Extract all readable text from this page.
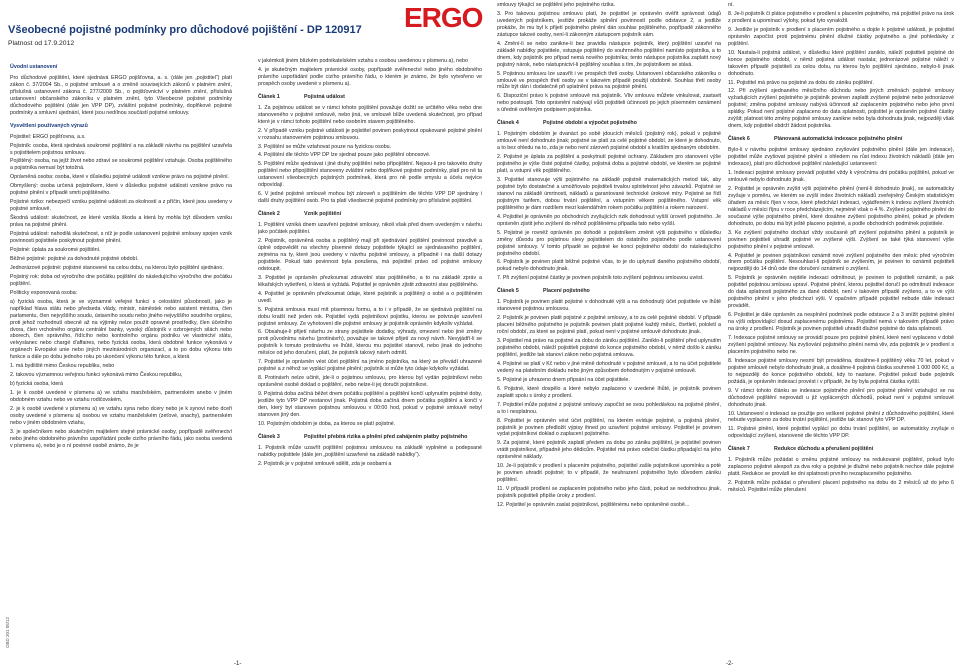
Všeobecné pojistné podmínky pro důchodové pojištění - DP 120917
Platnost od 17.9.2012
ERGO
OBD 201 05/12
Úvodní ustanovení
Pro důchodové pojištění, které sjednává ERGO pojišťovna, a. s. (dále jen „pojistitel“) platí zákon č. 37/2004 Sb., o pojistné smlouvě a o změně souvisejících zákonů v platném znění, příslušná ustanovení zákona č. 277/2009 Sb., o pojišťovnictví v platném znění, příslušná ustanovení občanského zákoníku v platném znění, tyto Všeobecné pojistné podmínky důchodového pojištění (dále jen VPP DP), zvláštní pojistné podmínky, doplňkové pojistné podmínky a smluvní ujednání, které jsou nedílnou součástí pojistné smlouvy.
Vysvětlení používaných výrazů
Pojistitel: ERGO pojišťovna, a.s.
Pojistník: osoba, která sjednává soukromé pojištění a na základě návrhu na pojištění uzavřela s pojistitelem pojistnou smlouvu.
Pojištěný: osoba, na jejíž život nebo zdraví se soukromé pojištění vztahuje. Osoba pojištěného a pojistníka nemusí být totožná.
Oprávněná osoba: osoba, které v důsledku pojistné události vznikne právo na pojistné plnění.
Obmyšlený: osoba určená pojistníkem, které v důsledku pojistné události vznikne právo na pojistné plnění v případě smrti pojištěného.
Pojistné riziko: nebezpečí vzniku pojistné události za okolností a z příčin, které jsou uvedeny v pojistné smlouvě.
Škodná událost: skutečnost, ze které vznikla škoda a která by mohla být důvodem vzniku práva na pojistné plnění.
Pojistná událost: nahodilá skutečnost, s níž je podle ustanovení pojistné smlouvy spojen vznik povinnosti pojistitele poskytnout pojistné plnění.
Pojistné: úplata za soukromé pojištění.
Běžné pojistné: pojistné za dohodnuté pojistné období.
Jednorázové pojistné: pojistné stanovené na celou dobu, na kterou bylo pojištění sjednáno.
Pojistný rok: doba od výročního dne počátku pojištění do následujícího výročního dne počátku pojištění.
Politicky exponovaná osoba:
a) fyzická osoba, která je ve významné veřejné funkci s celostátní působností, jako je například hlava státu nebo předseda vlády, ministr, náměstek nebo asistent ministra, člen parlamentu, člen nejvyššího soudu, ústavního soudu nebo jiného nejvyššího soudního orgánu, proti jehož rozhodnutí obecně až na výjimky nelze použít opravné prostředky, člen účetního dvora, člen vrcholného orgánu centrální banky, vysoký důstojník v ozbrojených silách nebo sborech, člen správního, řídícího nebo kontrolního orgánu podniku ve vlastnictví státu, velvyslanec nebo chargé d'affaires, nebo fyzická osoba, která obdobné funkce vykonává v orgánech Evropské unie nebo jiných mezinárodních organizací, a to po dobu výkonu této funkce a dále po dobu jednoho roku po ukončení výkonu této funkce, a která
1. má bydliště mimo Českou republiku, nebo
2. takovou významnou veřejnou funkci vykonává mimo Českou republiku,
b) fyzická osoba, která
1. je k osobě uvedené v písmenu a) ve vztahu manželském, partnerském anebo v jiném obdobném vztahu nebo ve vztahu rodičovském,
2. je k osobě uvedené v písmenu a) ve vztahu syna nebo dcery nebo je k synovi nebo dceři osoby uvedené v písmenu a) osobou ve vztahu manželském (zeťové, snachy), partnerském nebo v jiném obdobném vztahu,
3. je společníkem nebo skutečným majitelem stejné právnické osoby, popřípadě svěřenectví nebo jiného obdobného právního uspořádání podle cizího právního řádu, jako osoba uvedená v písmenu a), nebo je o ní povinné osobě známo, že je
v jakémkoli jiném blízkém podnikatelském vztahu s osobou uvedenou v písmenu a), nebo
4. je skutečným majitelem právnické osoby, popřípadě svěřenectví nebo jiného obdobného právního uspořádání podle cizího právního řádu, o kterém je známo, že bylo vytvořeno ve prospěch osoby uvedené v písmenu a).
Článek 1	Pojistná událost
1. Za pojistnou událost se v rámci tohoto pojištění považuje dožití se určitého věku nebo dne stanoveného v pojistné smlouvě, nebo jiná, ve smlouvě blíže uvedená skutečnost, pro případ které je v rámci tohoto pojištění nebo osobním stavem pojištěného.
2. V případě vzniku pojistné události je pojistitel povinen poskytnout opakované pojistné plnění v rozsahu stanoveném pojistnou smlouvou.
3. Pojištění se může vztahovat pouze na fyzickou osobu.
4. Pojištění dle těchto VPP DP lze sjednat pouze jako pojištění obnosové.
5. Pojištění může sjednávat i jiné druhy pojištění nebo připojištění. Nejsou-li pro takovéto druhy pojištění nebo připojištění stanoveny zvláštní nebo doplňkové pojistné podmínky, platí pro ně ta ustanovení všeobecných pojistných podmínek, která pro ně podle smyslu a účelu nejvíce odpovídají.
6. V jedné pojistné smlouvě mohou být zároveň s pojištěním dle těchto VPP DP sjednány i další druhy pojištění osob. Pro ta platí všeobecné pojistné podmínky pro příslušné pojištění.
Článek 2	Vznik pojištění
1. Pojištění vzniká dnem uzavření pojistné smlouvy, nikoli však před dnem uvedeným v návrhu jako počátek pojištění.
2. Pojistník, oprávněná osoba a pojištěný mají při sjednávání pojištění povinnost pravdivě a úplně odpovědět na všechny písemné dotazy pojistitele týkající se sjednávaného pojištění, zejména na ty, které jsou uvedeny v návrhu pojistné smlouvy, a případně i na další dotazy pojistitele. Pokud tato povinnost byla porušena, má pojistitel právo od pojistné smlouvy odstoupit.
3. Pojistitel je oprávněn přezkoumat zdravotní stav pojištěného, a to na základě zpráv a lékařských vyšetření, o která si vyžádá. Pojistitel je oprávněn zjistit zdravotní stav pojištěného.
4. Pojistitel je oprávněn přezkoumat údaje, které pojistník a pojištěný o sobě a o pojištěném uvedl.
5. Pojistná smlouva musí mít písemnou formu, a to i v případě, že se sjednává pojištění na dobu kratší než jeden rok. Pojistitel vydá pojistníkovi pojistku, kterou se potvrzuje uzavření pojistné smlouvy. Ze vyhotovení dle pojistné smlouvy je pojistník oprávněn kdykoliv vyžádat.
6. Obsahuje-li přijetí návrhu ze strany pojistitele dodatky, výhrady, omezení nebo jiné změny proti původnímu návrhu (protinávrh), považuje se takové přijetí za nový návrh. Nevyjádří-li se pojistník k tomuto protinávrhu ve lhůtě, kterou mu pojistitel stanovil, nebo jinak do jednoho měsíce od jeho doručení, platí, že pojistník takový návrh odmítl.
7. Pojistitel je oprávněn vést účet pojištění na jméno pojistníka, na který se převádí uhrazené pojistné a z něhož se vyplácí pojistné plnění; pojistník si může tyto údaje kdykoliv vyžádat.
8. Protinávrh nelze učinit, jde-li o pojistnou smlouvu, pro kterou byl vydán pojistníkovi nebo oprávněné osobě doklad o pojištění, nebo nelze-li jej doručit pojistníkovi.
9. Pojistná doba začíná běžet dnem počátku pojištění a pojištění končí uplynutím pojistné doby, jestliže tyto VPP DP nestanoví jinak. Pojistná doba začíná dnem počátku pojištění a končí v den, který byl stanoven pojistnou smlouvou v 00:00 hod, pokud v pojistné smlouvě nebyl stanoven jiný den.
10. Pojistným obdobím je doba, za kterou se platí pojistné.
Článek 3	Pojistitel přebírá rizika a plnění před zahájením platby pojistného
1. Pojistník může uzavřít pojištění pojistnou smlouvou na základě vyplněné a podepsané nabídky pojistitele (dále jen „pojištění uzavřené na základě nabídky“).
2. Pojistník je v pojistné smlouvě sdělit, zda je osobami a
smlouvy týkající se pojištění jeho pojistného rizika.
3. Pro takovou pojistnou smlouvu platí, že pojistitel je oprávněn ověřit správnost údajů uvedených pojistníkem, jestliže prokáže splnění povinností podle odstavce 2, a jestliže prokáže, že mu byl k přijetí pojistného plnění dán souhlas pojištěného, popřípadě zákonného zástupce takové osoby, není-li zákonným zástupcem pojistník sám.
4. Změní-li se nebo zanikne-li bez pravidla nástupce pojistník, který pojištění uzavřel na základě nabídky pojistitele, vstupuje pojištěný do souhrnného pojištění namísto pojistníka, a to dnem, kdy pojistník pro případ nemá nového pojistníka; tento nástupce pojistníka zaplatit nový pojistný nárok, nebo nástupnictví-li pojištěný souhlas s tím, že pojistníkem se stává.
5. Pojistnou smlouvu lze uzavřít i ve prospěch třetí osoby. Ustanovení občanského zákoníku o smlouvě ve prospěch třetí osoby se v takovém případě použijí obdobně. Souhlas třetí osoby může být dán i dodatečně při uplatnění práva na pojistné plnění.
6. Dispoziční právo k pojistné smlouvě má pojistník. Vliv smlouvu můžete vinkulovat, zastavit nebo postoupit. Toto oprávnění nabývají vůči pojistiteli účinnosti po jejich písemném oznámení s úředně ověřeným podpisem pojistníka.
Článek 4	Pojistné období a výpočet pojistného
1. Pojistným obdobím je dvanáct po sobě jdoucích měsíců (pojistný rok), pokud v pojistné smlouvě není dohodnuto jinak; pojistné se platí za celé pojistné období, ze které je dohodnuto, a to bez ohledu na to, zda je nebo není zároveň pojistné období s kratším sjednaným obdobím.
2. Pojistné je úplata za pojištění a poskytnutí pojistné ochrany. Základem pro stanovení výše pojistného je výše čisté pojistné částky, pojistná doba a pojistné období, ve kterém se pojistné platí, a vstupní věk pojištěného.
3. Pojistitel stanovuje výši pojistného na základě pojistně matematických metod tak, aby pojistné bylo dostatečné a umožňovalo pojistiteli trvalou splnitelnost jeho závazků. Pojistné se stanoví na základě úmrtnosti, nákladů a garantované technické úrokové míry. Pojistné se řídí pojistným tarifem, dobou trvání pojištění, a vstupním věkem pojištěného. Vstupní věk pojištěného je dám rozdílem mezi kalendářním rokem počátku pojištění a rokem narození.
4. Pojistitel je oprávněn po obchodních zvyšujících rizik dohodnout vyšší úroveň pojistného. Je oprávněn zjistit jeho zvýšení do něhož pojištěnému připadla tato nebo vyšší.
5. Pojistné je rovněž oprávněn po dohodě s pojistníkem změnit výši pojistného v důsledku změny důvodu pro pojistnou slevy pojistitelem do ostatního pojistného podle ustanovení pojistné smlouvy. V tomto případě se pojistné ke konci pojistného období do následujícího pojistného období.
6. Pojistník je povinen platit běžné pojistné včas, to je do uplynutí daného pojistného období, pokud nebylo dohodnuto jinak.
7. Při zvýšení pojistné částky je povinen pojistník toto zvýšení pojistnou smlouvou uvést.
Článek 5	Placení pojistného
1. Pojistník je povinen platit pojistné v dohodnuté výši a na dohodnutý účet pojistitele ve lhůtě stanovené pojistnou smlouvou.
2. Pojistník je povinen platit pojistné z pojistné smlouvy, a to za celé pojistné období. V případě placení běžného pojistného je pojistník povinen platit pojistné každý měsíc, čtvrtletí, pololetí a roční období, za které se pojistné platí, pokud není v pojistné smlouvě dohodnuto jinak.
3. Pojistitel má právo na pojistné za dobu do zániku pojištění. Zaniklo-li pojištění před uplynutím pojistného období, náleží pojistiteli pojistné do konce pojistného období, v němž došlo k zániku pojištění, jestliže tak stanoví zákon nebo pojistná smlouva.
4. Pojistné se platí v Kč nebo v jiné měně dohodnuté v pojistné smlouvě, a to na účet pojistitele vedený na platebním dokladu nebo jiným způsobem dohodnutým v pojistné smlouvě.
5. Pojistné je uhrazeno dnem připsání na účet pojistitele.
6. Pojistné, které dospělo a které nebylo zaplaceno v uvedené lhůtě, je pojistník povinen zaplatit spolu s úroky z prodlení.
7. Pojistitel může pojistné z pojistné smlouvy započíst se svou pohledávkou na pojistné plnění, a to i nesplatnou.
8. Pojistitel je oprávněn vést účet pojištění, na kterém eviduje pojistné, a pojistná plnění, pojistník je povinen předložit výpisy ihned po uzavření pojistné smlouvy. Pojistitel je povinen vydat pojistníkovi doklad o zaplacení pojistného.
9. Za pojistné, které pojistník zaplatil předem za dobu po zániku pojištění, je pojistitel povinen vrátit pojistníkovi, případně jeho dědicům. Pojistitel má právo odečíst částku připadající na jeho oprávněné náklady.
10. Je-li pojistník v prodlení s placením pojistného, pojistitel zašle pojistníkovi upomínku a poté je povinen uhradit pojistné; to v případě, že neuhrazení pojistného bylo důvodem zániku pojištění.
11. V případě prodlení se zaplacením pojistného nebo jeho části, pokud se nedohodnou jinak, pojistník pojistiteli připíše úroky z prodlení.
12. Pojistitel je oprávněn zaslat pojistníkovi, pojištěnému nebo oprávněné osobě...
ní.
8. Je-li pojistník či plátce pojistného v prodlení s placením pojistného, má pojistitel právo na úrok z prodlení a upomínací výlohy, pokud tyto vynaložil.
9. Jestliže je pojistník v prodlení s placením pojistného a dojde k pojistné události, je pojistitel oprávněn započíst proti pojistnému plnění dlužné částky pojistného a jiné pohledávky z pojištění.
10. Nastala-li pojistná událost, v důsledku které pojištění zaniklo, náleží pojistiteli pojistné do konce pojistného období, v němž pojistná událost nastala; jednorázové pojistné náleží v takovém případě pojistiteli za celou dobu, na kterou bylo pojištění sjednáno, nebylo-li jinak dohodnuto.
11. Pojistitel má právo na pojistné za dobu do zániku pojištění.
12. Při zvýšení sjednaného měsíčního důchodu nebo jiných změnách pojistné smlouvy vyžadujících zvýšení pojistného je pojistník povinen zaplatit zvýšené pojistné nebo jednorázové pojistné; změna pojistné smlouvy nabývá účinnosti až zaplacením pojistného nebo jeho první splátky. Pokud není pojistné zaplaceno do data splatnosti, pojistitel je oprávněn pojistné částky zvýšit; platnost této změny pojistné smlouvy zanikne nebo byla dohodnuta jinak, nejpozději však dnem, kdy pojistitel obdrží žádost pojistníka.
Článek 6	Plánovaná automatická indexace pojistného plnění
Bylo-li v návrhu pojistné smlouvy sjednáno zvyšování pojistného plnění (dále jen indexace), pojistitel může zvyšovat pojistné plnění s ohledem na růst indexu životních nákladů (dále jen indexace), platí pro důchodové pojištění následující ustanovení:
1. Indexaci pojistné smlouvy provádí pojistitel vždy k výročnímu dni počátku pojištění, pokud ve smlouvě nebylo dohodnuto jinak.
2. Pojistitel je oprávněn zvýšit výši pojistného plnění (není-li dohodnuto jinak), se automaticky zvyšuje v poměru, ve kterém se zvýší index životních nákladů zveřejněný Českým statistickým úřadem za měsíc říjen v roce, které předchází indexaci, vyjádřeném k indexu zvýšení životních nákladů v měsíci říjnu v roce předcházejícím, nejméně však o 4 %. Zvýšení pojistného plnění do současné výše pojistného plnění, které dosáhne zvýšení pojistného plnění, pokud je předem dohodnuto, po dobu má být ještě placeno pojistné, a podle obchodních podmínek pojistitele.
3. Ke zvýšení pojistného dochází vždy současně při zvýšení pojistného plnění a pojistník je povinen pojistiteli uhradit pojistné ve zvýšené výši. Zvýšení se také týká stanovení výše pojistného plnění v pojistné smlouvě.
4. Pojistitel je povinen pojistníkovi oznámit nové zvýšení pojistného den měsíc před výročním dnem počátku pojištění. Nesouhlasí-li pojistník se zvýšením, je povinen to oznámit pojistiteli nejpozději do 14 dnů ode dne doručení oznámení o zvýšení.
5. Pojistník je oprávněn nejdéle indexaci odmítnout, je povinen to pojistiteli oznámit, a pak pojistitel pojistnou smlouvu upraví. Pojistné plnění, kterou pojistitel doručí po odmítnutí indexace do data splatnosti pojistného za dané období, není v takovém případě zvýšeno, a to ve výši pojistného plnění v jeho předchozí výši. V opačném případě pojistitel nebude dále indexaci provádět.
6. Pojistitel je dále oprávněn za nesplnění podmínek podle odstavce 2 a 3 snížit pojistné plnění na výši odpovídající dosud zaplacenému pojistnému. Pojistitel nemá v takovém případě právo na úroky z prodlení. Pojistník je povinen pojistiteli uhradit dlužné pojistné do data splatnosti.
7. Indexace pojistné smlouvy se provádí pouze pro pojistné plnění, které není vyplaceno v době zvýšení pojistné smlouvy. Na zvyšování pojistného plnění nemá vliv, zda pojistník je v prodlení s placením pojistného nebo ne.
8. Indexace pojistné smlouvy nesmí být prováděna, dosáhne-li pojištěný věku 70 let, pokud v pojistné smlouvě nebylo dohodnuto jinak, a dosáhne-li pojistná částka souhrnně 1 000 000 Kč, a to nejpozději do konce pojistného období, kdy to nastane. Pojistitel pokud bude pojistník požádá, je oprávněn indexaci provést i v případě, že by byla pojistná částka vyšší.
9. V rámci tohoto článku se indexace pojistného plnění pro pojistné plnění vztahující se na důchodové pojištění neprovádí u již vyplácených důchodů, pokud není v pojistné smlouvě dohodnuto jinak.
10. Ustanovení o indexaci se použije pro veškeré pojistné plnění z důchodového pojištění, které nebude vyplaceno za dobu trvání pojištění, jestliže tak stanoví tyto VPP DP.
11. Pojistné plnění, které pojistitel vyplácí po dobu trvání pojištění, se automaticky zvyšuje o odpovídající zvýšení, stanovené dle těchto VPP DP.
Článek 7	Redukce důchodu a přerušení pojištění
1. Pojistník může požádat o změnu pojistné smlouvy na redukované pojištění, pokud bylo zaplaceno pojistné alespoň za dva roky a pojistné je dlužné nebo pojistník nechce dále pojistné platit. Redukce se provádí ke dni splatnosti prvního nezaplaceného pojistného.
2. Pojistník může požádat o přerušení placení pojistného na dobu do 2 měsíců až do jeho 6 měsíců. Pojistitel může přerušení
-1-	-2-
